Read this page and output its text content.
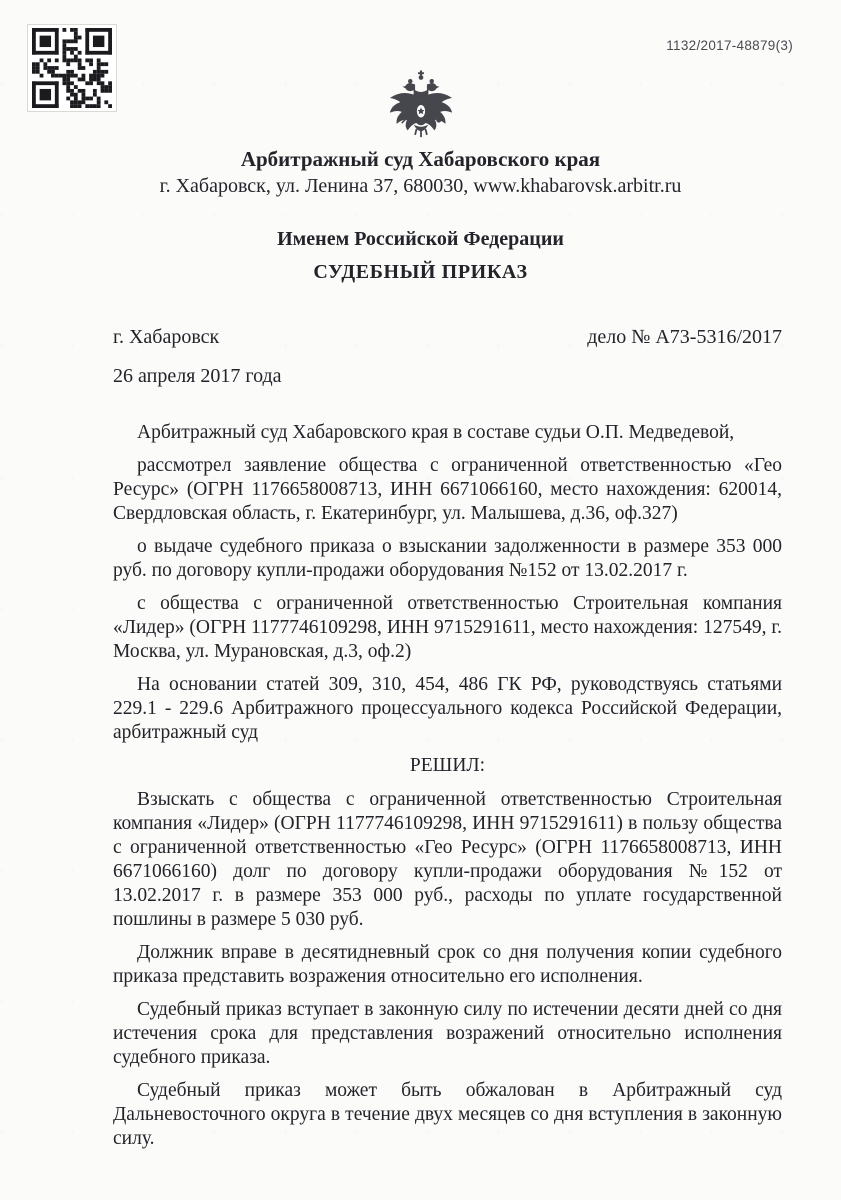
1132/2017-48879(3)
Арбитражный суд Хабаровского края
г. Хабаровск, ул. Ленина 37, 680030, www.khabarovsk.arbitr.ru
Именем Российской Федерации
СУДЕБНЫЙ ПРИКАЗ
г. Хабаровск	дело № А73-5316/2017
26 апреля 2017 года

Арбитражный суд Хабаровского края в составе судьи О.П. Медведевой,

рассмотрел заявление общества с ограниченной ответственностью «Гео Ресурс» (ОГРН 1176658008713, ИНН 6671066160, место нахождения: 620014, Свердловская область, г. Екатеринбург, ул. Малышева, д.36, оф.327)

о выдаче судебного приказа о взыскании задолженности в размере 353 000 руб. по договору купли-продажи оборудования №152 от 13.02.2017 г.

с общества с ограниченной ответственностью Строительная компания «Лидер» (ОГРН 1177746109298, ИНН 9715291611, место нахождения: 127549, г. Москва, ул. Мурановская, д.3, оф.2)

На основании статей 309, 310, 454, 486 ГК РФ, руководствуясь статьями 229.1 - 229.6 Арбитражного процессуального кодекса Российской Федерации, арбитражный суд

РЕШИЛ:

Взыскать с общества с ограниченной ответственностью Строительная компания «Лидер» (ОГРН 1177746109298, ИНН 9715291611) в пользу общества с ограниченной ответственностью «Гео Ресурс» (ОГРН 1176658008713, ИНН 6671066160) долг по договору купли-продажи оборудования №152 от 13.02.2017 г. в размере 353 000 руб., расходы по уплате государственной пошлины в размере 5 030 руб.

Должник вправе в десятидневный срок со дня получения копии судебного приказа представить возражения относительно его исполнения.

Судебный приказ вступает в законную силу по истечении десяти дней со дня истечения срока для представления возражений относительно исполнения судебного приказа.

Судебный приказ может быть обжалован в Арбитражный суд Дальневосточного округа в течение двух месяцев со дня вступления в законную силу.
